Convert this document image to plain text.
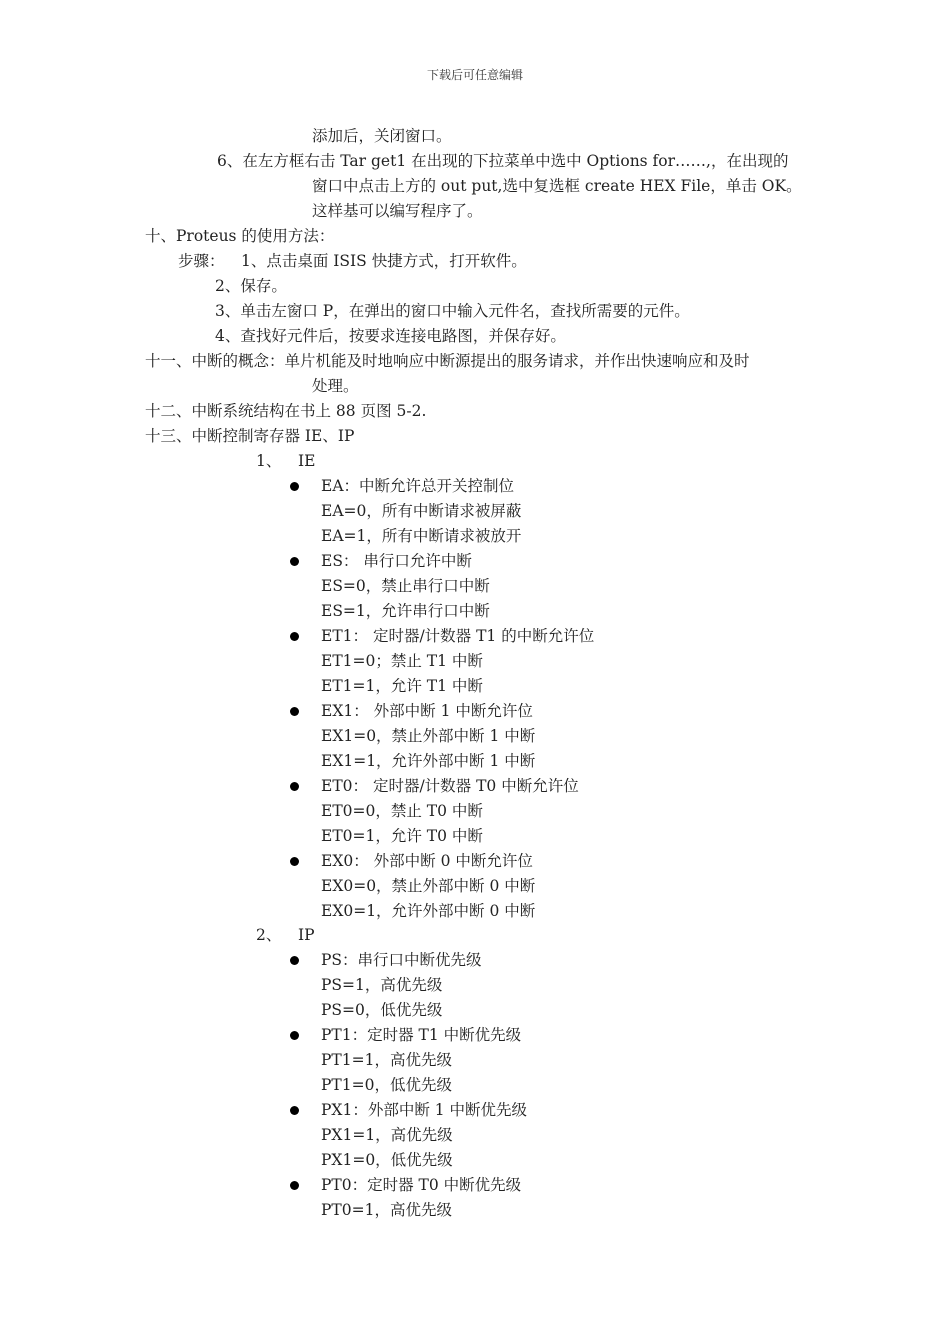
下载后可任意编辑
添加后，关闭窗口。
6、在左方框右击 Tar get1 在出现的下拉菜单中选中 Options for……,，在出现的
窗口中点击上方的 out put,选中复选框 create HEX File，单击 OK。
这样基可以编写程序了。
十、Proteus 的使用方法：
步骤： 1、点击桌面 ISIS 快捷方式，打开软件。
2、保存。
3、单击左窗口 P，在弹出的窗口中输入元件名，查找所需要的元件。
4、查找好元件后，按要求连接电路图，并保存好。
十一、中断的概念：单片机能及时地响应中断源提出的服务请求，并作出快速响应和及时
处理。
十二、中断系统结构在书上 88 页图 5-2.
十三、中断控制寄存器 IE、IP
1、 IE
EA：中断允许总开关控制位
EA=0，所有中断请求被屏蔽
EA=1，所有中断请求被放开
ES： 串行口允许中断
ES=0，禁止串行口中断
ES=1，允许串行口中断
ET1： 定时器/计数器 T1 的中断允许位
ET1=0；禁止 T1 中断
ET1=1，允许 T1 中断
EX1： 外部中断 1 中断允许位
EX1=0，禁止外部中断 1 中断
EX1=1，允许外部中断 1 中断
ET0： 定时器/计数器 T0 中断允许位
ET0=0，禁止 T0 中断
ET0=1，允许 T0 中断
EX0： 外部中断 0 中断允许位
EX0=0，禁止外部中断 0 中断
EX0=1，允许外部中断 0 中断
2、 IP
PS：串行口中断优先级
PS=1，高优先级
PS=0，低优先级
PT1：定时器 T1 中断优先级
PT1=1，高优先级
PT1=0，低优先级
PX1：外部中断 1 中断优先级
PX1=1，高优先级
PX1=0，低优先级
PT0：定时器 T0 中断优先级
PT0=1，高优先级
